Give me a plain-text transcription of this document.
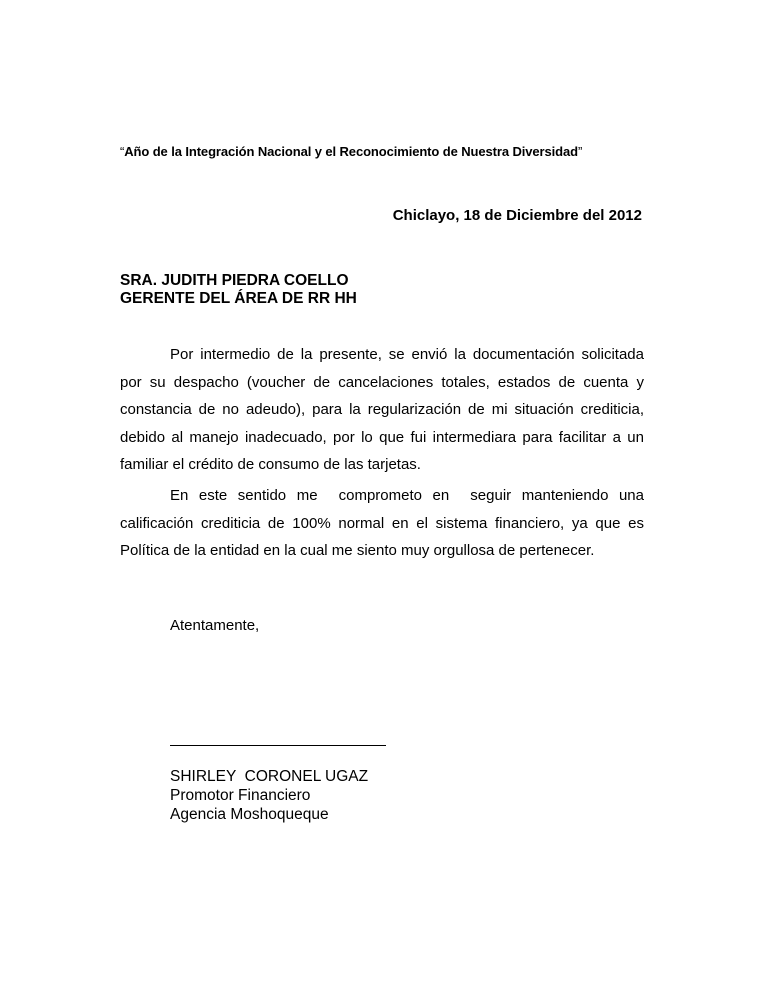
“Año de la Integración Nacional y el Reconocimiento de Nuestra Diversidad”
Chiclayo, 18 de Diciembre del 2012
SRA. JUDITH PIEDRA COELLO
GERENTE DEL ÁREA DE RR HH

Por intermedio de la presente, se envió la documentación solicitada por su despacho (voucher de cancelaciones totales, estados de cuenta y constancia de no adeudo), para la regularización de mi situación crediticia, debido al manejo inadecuado, por lo que fui intermediara para facilitar a un familiar el crédito de consumo de las tarjetas.

En este sentido me  comprometo en  seguir manteniendo una calificación crediticia de 100% normal en el sistema financiero, ya que es Política de la entidad en la cual me siento muy orgullosa de pertenecer.

Atentamente,
SHIRLEY  CORONEL UGAZ
Promotor Financiero
Agencia Moshoqueque
